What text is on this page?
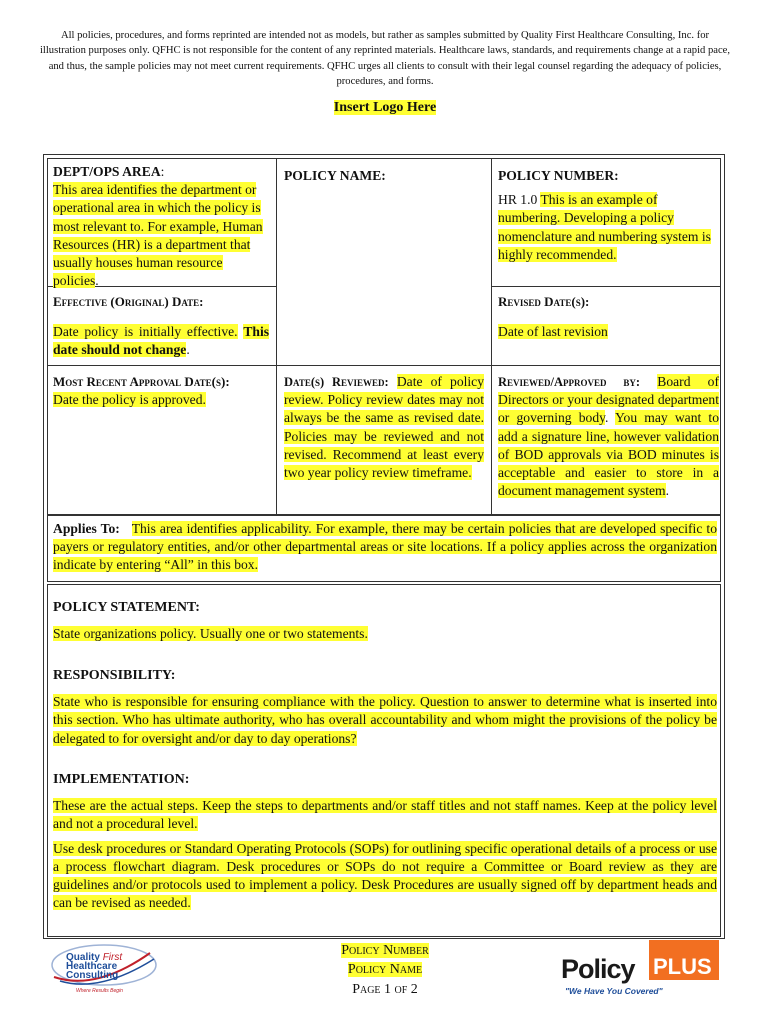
All policies, procedures, and forms reprinted are intended not as models, but rather as samples submitted by Quality First Healthcare Consulting, Inc. for illustration purposes only. QFHC is not responsible for the content of any reprinted materials. Healthcare laws, standards, and requirements change at a rapid pace, and thus, the sample policies may not meet current requirements. QFHC urges all clients to consult with their legal counsel regarding the adequacy of policies, procedures, and forms.
Insert Logo Here
DEPT/OPS AREA:
This area identifies the department or operational area in which the policy is most relevant to. For example, Human Resources (HR) is a department that usually houses human resource policies.
POLICY NAME:	POLICY NUMBER:
HR 1.0 This is an example of numbering. Developing a policy nomenclature and numbering system is highly recommended.
Effective (Original) Date:
Date policy is initially effective. This date should not change.
Revised Date(s):
Date of last revision
Most Recent Approval Date(s):
Date the policy is approved.
Date(s) Reviewed: Date of policy review. Policy review dates may not always be the same as revised date. Policies may be reviewed and not revised. Recommend at least every two year policy review timeframe.
Reviewed/Approved by: Board of Directors or your designated department or governing body. You may want to add a signature line, however validation of BOD approvals via BOD minutes is acceptable and easier to store in a document management system.
Applies To: This area identifies applicability. For example, there may be certain policies that are developed specific to payers or regulatory entities, and/or other departmental areas or site locations. If a policy applies across the organization indicate by entering “All” in this box.
POLICY STATEMENT:
State organizations policy. Usually one or two statements.
RESPONSIBILITY:
State who is responsible for ensuring compliance with the policy. Question to answer to determine what is inserted into this section. Who has ultimate authority, who has overall accountability and whom might the provisions of the policy be delegated to for oversight and/or day to day operations?
IMPLEMENTATION:
These are the actual steps. Keep the steps to departments and/or staff titles and not staff names. Keep at the policy level and not a procedural level.
Use desk procedures or Standard Operating Protocols (SOPs) for outlining specific operational details of a process or use a process flowchart diagram. Desk procedures or SOPs do not require a Committee or Board review as they are guidelines and/or protocols used to implement a policy. Desk Procedures are usually signed off by department heads and can be revised as needed.
Policy Number
Policy Name
Page 1 of 2
Quality First
Healthcare
Consulting
Where Results Begin
Policy PLUS
"We Have You Covered"
